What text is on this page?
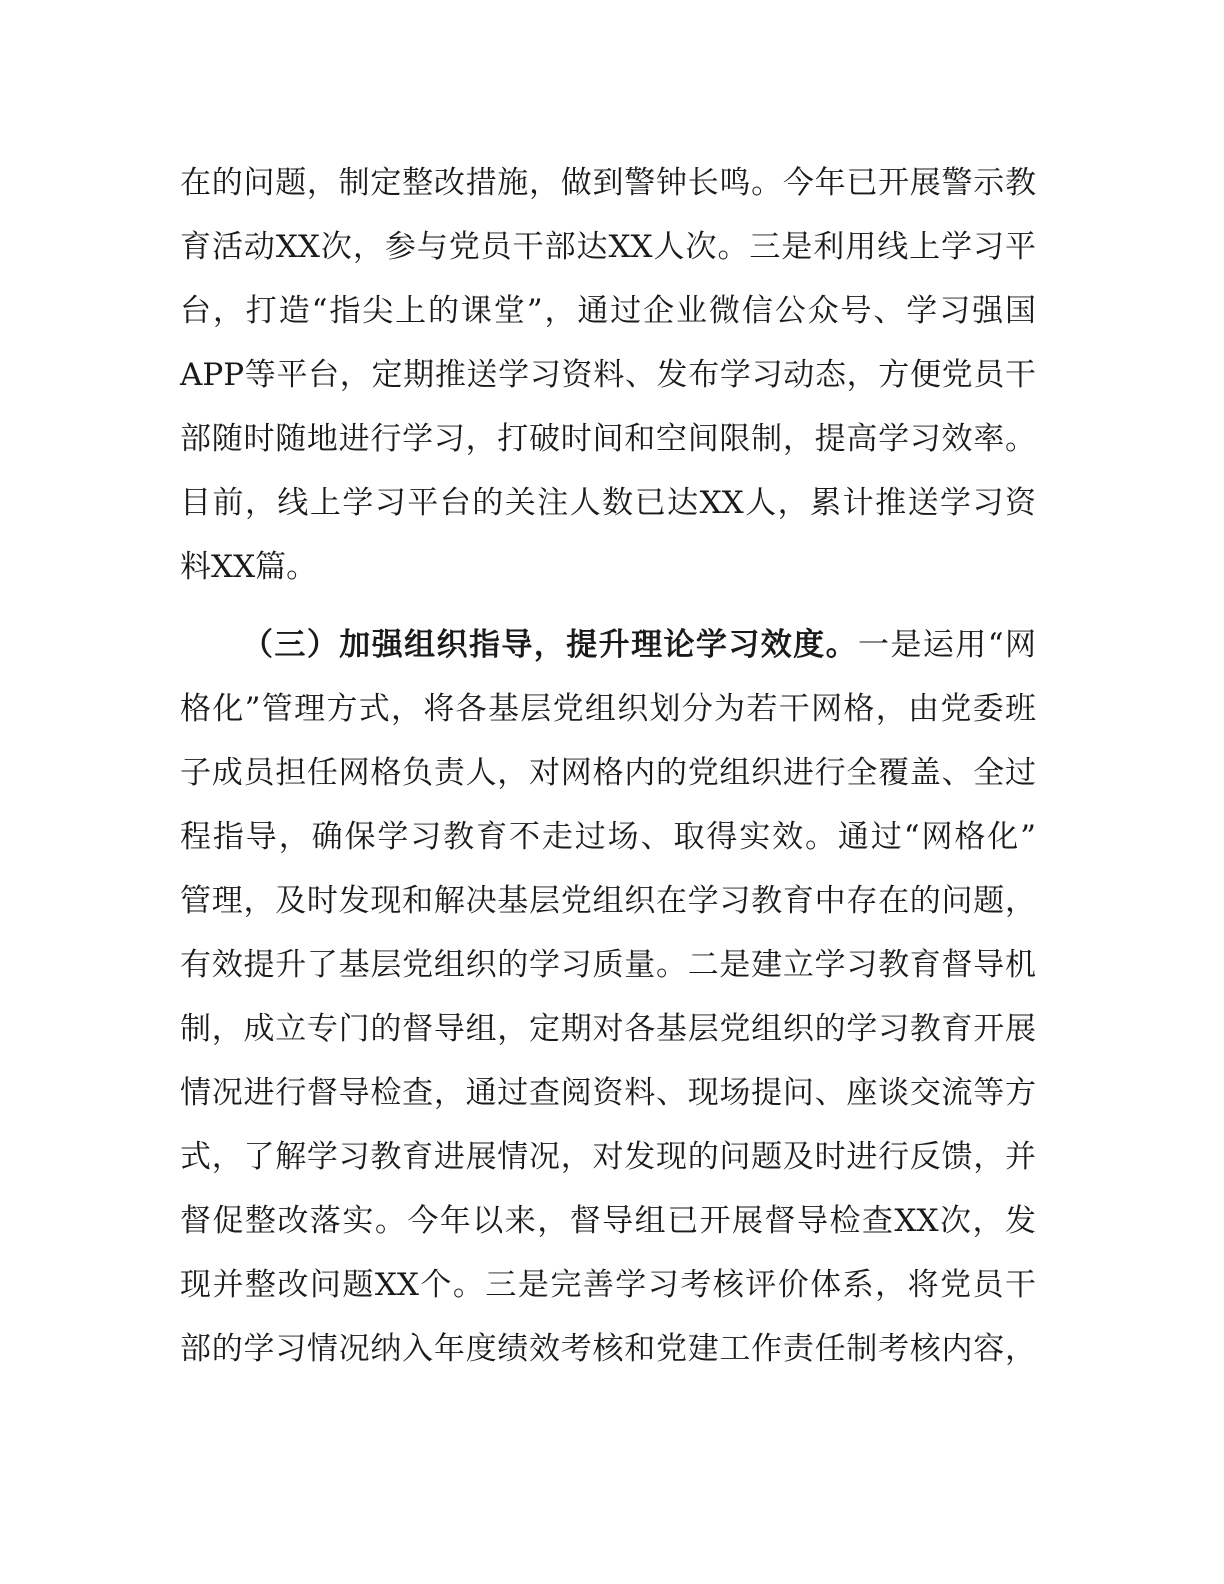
在的问题，制定整改措施，做到警钟长鸣。今年已开展警示教
育活动XX次，参与党员干部达XX人次。三是利用线上学习平
台，打造“指尖上的课堂”，通过企业微信公众号、学习强国
APP等平台，定期推送学习资料、发布学习动态，方便党员干
部随时随地进行学习，打破时间和空间限制，提高学习效率。
目前，线上学习平台的关注人数已达XX人，累计推送学习资
料XX篇。
（三）加强组织指导，提升理论学习效度。一是运用“网
格化”管理方式，将各基层党组织划分为若干网格，由党委班
子成员担任网格负责人，对网格内的党组织进行全覆盖、全过
程指导，确保学习教育不走过场、取得实效。通过“网格化”
管理，及时发现和解决基层党组织在学习教育中存在的问题，
有效提升了基层党组织的学习质量。二是建立学习教育督导机
制，成立专门的督导组，定期对各基层党组织的学习教育开展
情况进行督导检查，通过查阅资料、现场提问、座谈交流等方
式，了解学习教育进展情况，对发现的问题及时进行反馈，并
督促整改落实。今年以来，督导组已开展督导检查XX次，发
现并整改问题XX个。三是完善学习考核评价体系，将党员干
部的学习情况纳入年度绩效考核和党建工作责任制考核内容，
